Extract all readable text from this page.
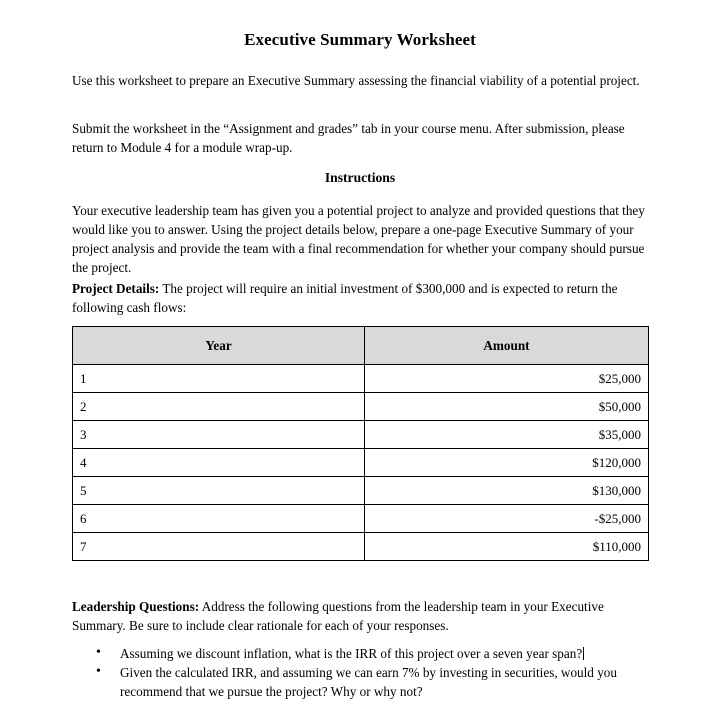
Executive Summary Worksheet
Use this worksheet to prepare an Executive Summary assessing the financial viability of a potential project.
Submit the worksheet in the “Assignment and grades” tab in your course menu. After submission, please return to Module 4 for a module wrap-up.
Instructions
Your executive leadership team has given you a potential project to analyze and provided questions that they would like you to answer. Using the project details below, prepare a one-page Executive Summary of your project analysis and provide the team with a final recommendation for whether your company should pursue the project.
Project Details: The project will require an initial investment of $300,000 and is expected to return the following cash flows:
Year	Amount
1	$25,000
2	$50,000
3	$35,000
4	$120,000
5	$130,000
6	-$25,000
7	$110,000
Leadership Questions: Address the following questions from the leadership team in your Executive Summary. Be sure to include clear rationale for each of your responses.
• Assuming we discount inflation, what is the IRR of this project over a seven year span?
• Given the calculated IRR, and assuming we can earn 7% by investing in securities, would you recommend that we pursue the project? Why or why not?
